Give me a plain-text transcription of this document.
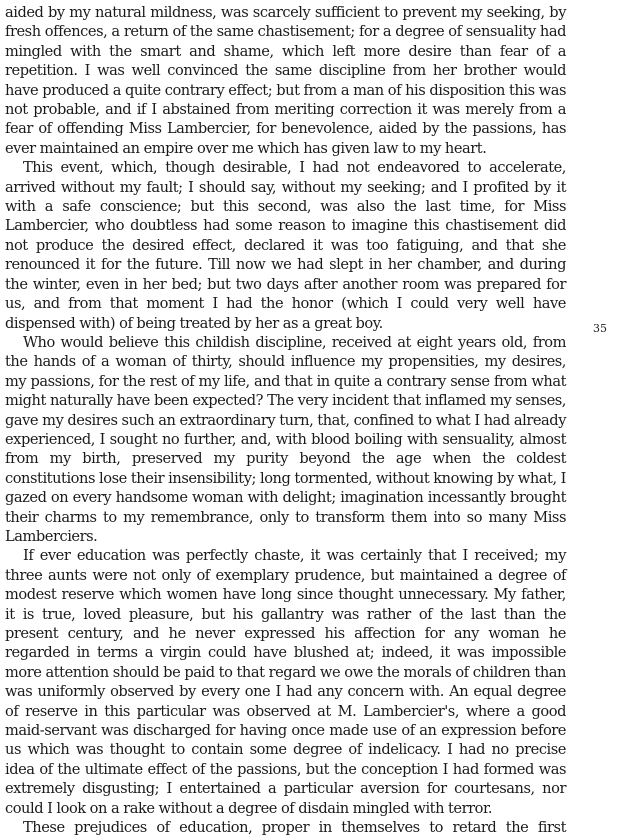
aided by my natural mildness, was scarcely sufficient to prevent my seeking, by fresh offences, a return of the same chastisement; for a degree of sensuality had mingled with the smart and shame, which left more desire than fear of a repetition. I was well convinced the same discipline from her brother would have produced a quite contrary effect; but from a man of his disposition this was not probable, and if I abstained from meriting correction it was merely from a fear of offending Miss Lambercier, for benevolence, aided by the passions, has ever maintained an empire over me which has given law to my heart.

This event, which, though desirable, I had not endeavored to accelerate, arrived without my fault; I should say, without my seeking; and I profited by it with a safe conscience; but this second, was also the last time, for Miss Lambercier, who doubtless had some reason to imagine this chastisement did not produce the desired effect, declared it was too fatiguing, and that she renounced it for the future. Till now we had slept in her chamber, and during the winter, even in her bed; but two days after another room was prepared for us, and from that moment I had the honor (which I could very well have dispensed with) of being treated by her as a great boy.

Who would believe this childish discipline, received at eight years old, from the hands of a woman of thirty, should influence my propensities, my desires, my passions, for the rest of my life, and that in quite a contrary sense from what might naturally have been expected? The very incident that inflamed my senses, gave my desires such an extraordinary turn, that, confined to what I had already experienced, I sought no further, and, with blood boiling with sensuality, almost from my birth, preserved my purity beyond the age when the coldest constitutions lose their insensibility; long tormented, without knowing by what, I gazed on every handsome woman with delight; imagination incessantly brought their charms to my remembrance, only to transform them into so many Miss Lamberciers.

If ever education was perfectly chaste, it was certainly that I received; my three aunts were not only of exemplary prudence, but maintained a degree of modest reserve which women have long since thought unnecessary. My father, it is true, loved pleasure, but his gallantry was rather of the last than the present century, and he never expressed his affection for any woman he regarded in terms a virgin could have blushed at; indeed, it was impossible more attention should be paid to that regard we owe the morals of children than was uniformly observed by every one I had any concern with. An equal degree of reserve in this particular was observed at M. Lambercier's, where a good maid-servant was discharged for having once made use of an expression before us which was thought to contain some degree of indelicacy. I had no precise idea of the ultimate effect of the passions, but the conception I had formed was extremely disgusting; I entertained a particular aversion for courtesans, nor could I look on a rake without a degree of disdain mingled with terror.

These prejudices of education, proper in themselves to retard the first

35
